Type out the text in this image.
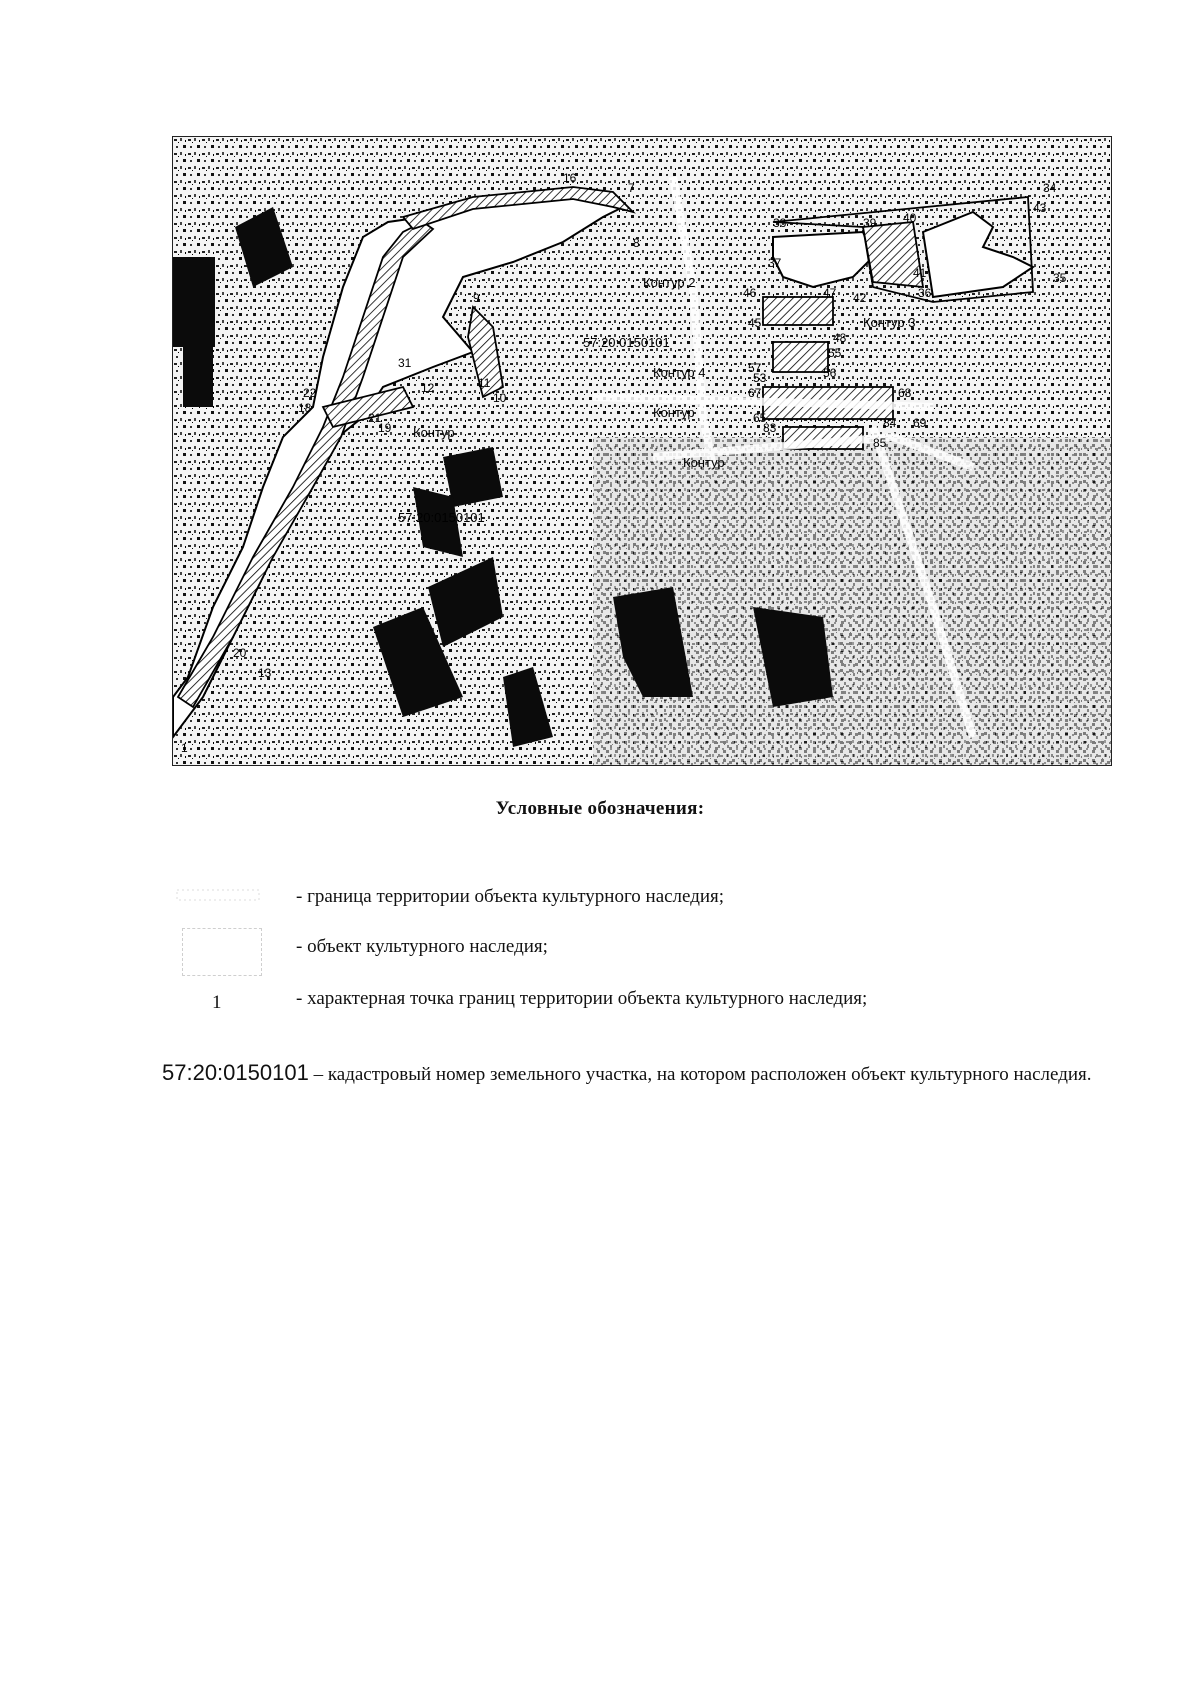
Контур 2
Контур 3
Контур 4
Контур
Контур
Контур
57:20:0150101
57:20:0150101
1
7
8
9
10
11
12
13
16
18
19
20
21
22
31
33
34
35
36
37
39 40
41
42
43
45
46	47
48
53
55
56
57
65
67	68
69
83	84
85
Условные обозначения:
- граница территории объекта культурного наследия;
- объект культурного наследия;
1	- характерная точка границ территории объекта культурного наследия;
57:20:0150101 – кадастровый номер земельного участка, на котором расположен объект культурного наследия.
